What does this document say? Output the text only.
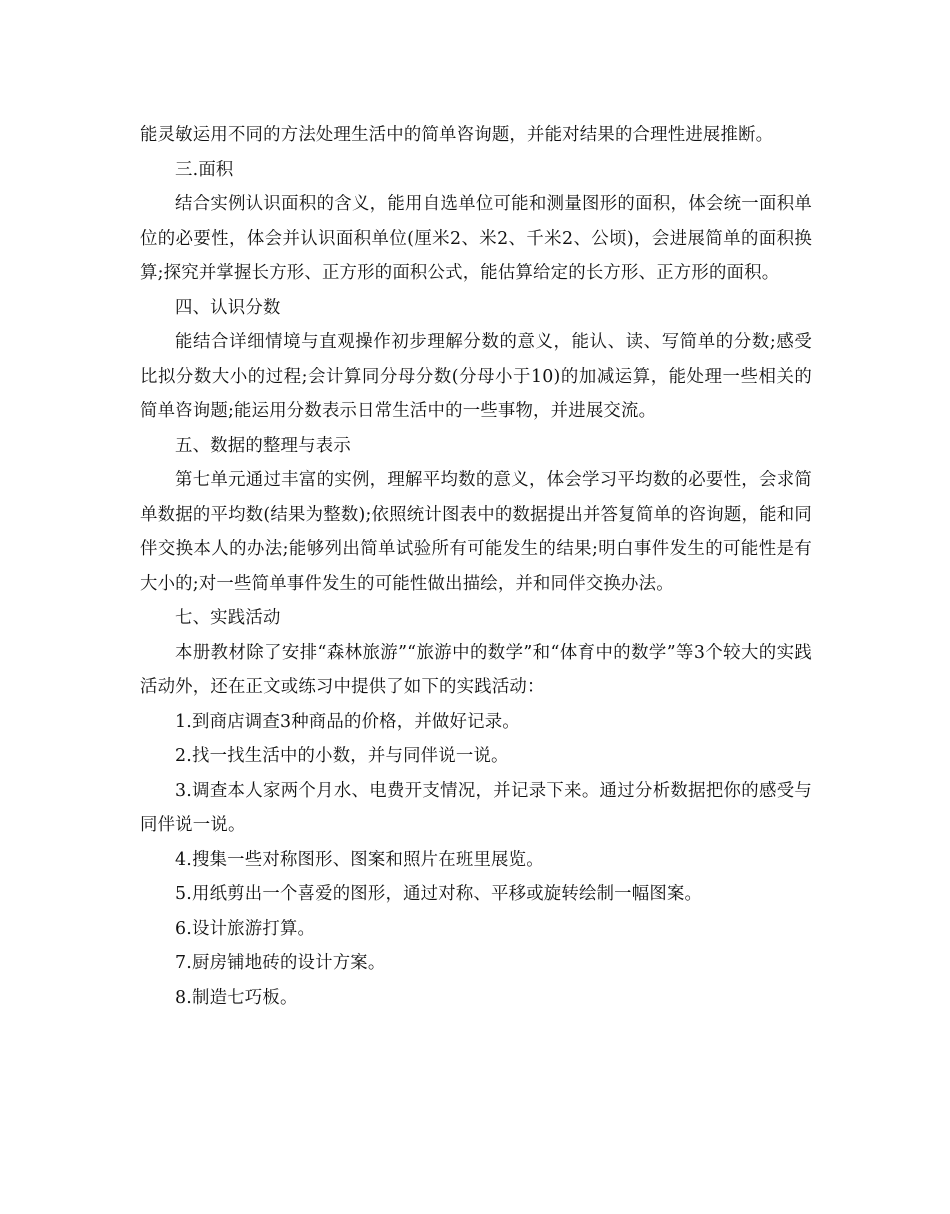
能灵敏运用不同的方法处理生活中的简单咨询题，并能对结果的合理性进展推断。

三.面积

结合实例认识面积的含义，能用自选单位可能和测量图形的面积，体会统一面积单位的必要性，体会并认识面积单位(厘米2、米2、千米2、公顷)，会进展简单的面积换算;探究并掌握长方形、正方形的面积公式，能估算给定的长方形、正方形的面积。

四、认识分数

能结合详细情境与直观操作初步理解分数的意义，能认、读、写简单的分数;感受比拟分数大小的过程;会计算同分母分数(分母小于10)的加减运算，能处理一些相关的简单咨询题;能运用分数表示日常生活中的一些事物，并进展交流。

五、数据的整理与表示

第七单元通过丰富的实例，理解平均数的意义，体会学习平均数的必要性，会求简单数据的平均数(结果为整数);依照统计图表中的数据提出并答复简单的咨询题，能和同伴交换本人的办法;能够列出简单试验所有可能发生的结果;明白事件发生的可能性是有大小的;对一些简单事件发生的可能性做出描绘，并和同伴交换办法。

七、实践活动

本册教材除了安排“森林旅游”“旅游中的数学”和“体育中的数学”等3个较大的实践活动外，还在正文或练习中提供了如下的实践活动：

1.到商店调查3种商品的价格，并做好记录。

2.找一找生活中的小数，并与同伴说一说。

3.调查本人家两个月水、电费开支情况，并记录下来。通过分析数据把你的感受与同伴说一说。

4.搜集一些对称图形、图案和照片在班里展览。

5.用纸剪出一个喜爱的图形，通过对称、平移或旋转绘制一幅图案。

6.设计旅游打算。

7.厨房铺地砖的设计方案。

8.制造七巧板。
